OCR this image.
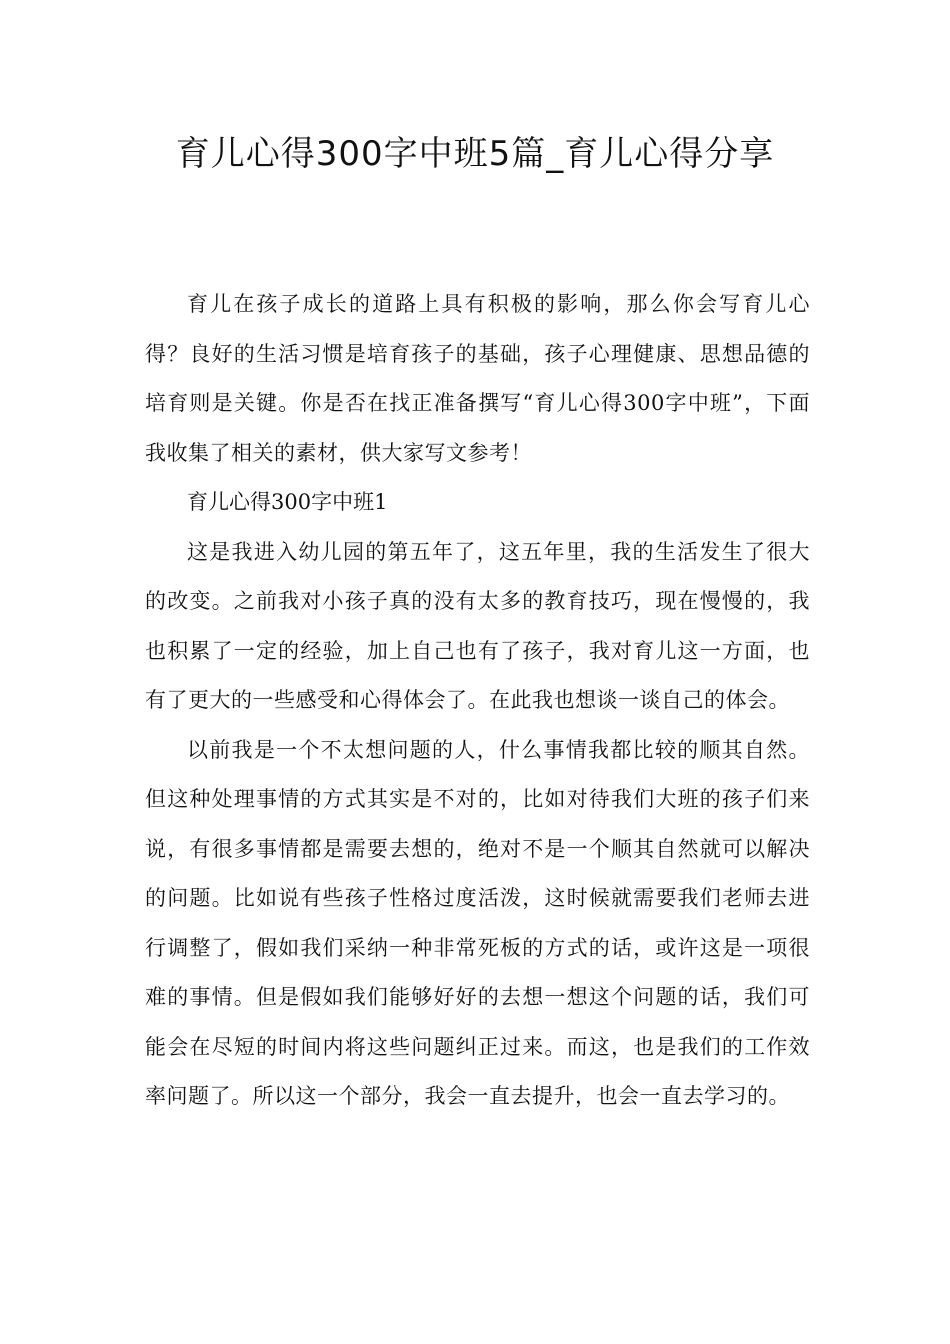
育儿心得300字中班5篇_育儿心得分享

育儿在孩子成长的道路上具有积极的影响，那么你会写育儿心得？良好的生活习惯是培育孩子的基础，孩子心理健康、思想品德的培育则是关键。你是否在找正准备撰写“育儿心得300字中班”，下面我收集了相关的素材，供大家写文参考！

育儿心得300字中班1

这是我进入幼儿园的第五年了，这五年里，我的生活发生了很大的改变。之前我对小孩子真的没有太多的教育技巧，现在慢慢的，我也积累了一定的经验，加上自己也有了孩子，我对育儿这一方面，也有了更大的一些感受和心得体会了。在此我也想谈一谈自己的体会。

以前我是一个不太想问题的人，什么事情我都比较的顺其自然。但这种处理事情的方式其实是不对的，比如对待我们大班的孩子们来说，有很多事情都是需要去想的，绝对不是一个顺其自然就可以解决的问题。比如说有些孩子性格过度活泼，这时候就需要我们老师去进行调整了，假如我们采纳一种非常死板的方式的话，或许这是一项很难的事情。但是假如我们能够好好的去想一想这个问题的话，我们可能会在尽短的时间内将这些问题纠正过来。而这，也是我们的工作效率问题了。所以这一个部分，我会一直去提升，也会一直去学习的。
